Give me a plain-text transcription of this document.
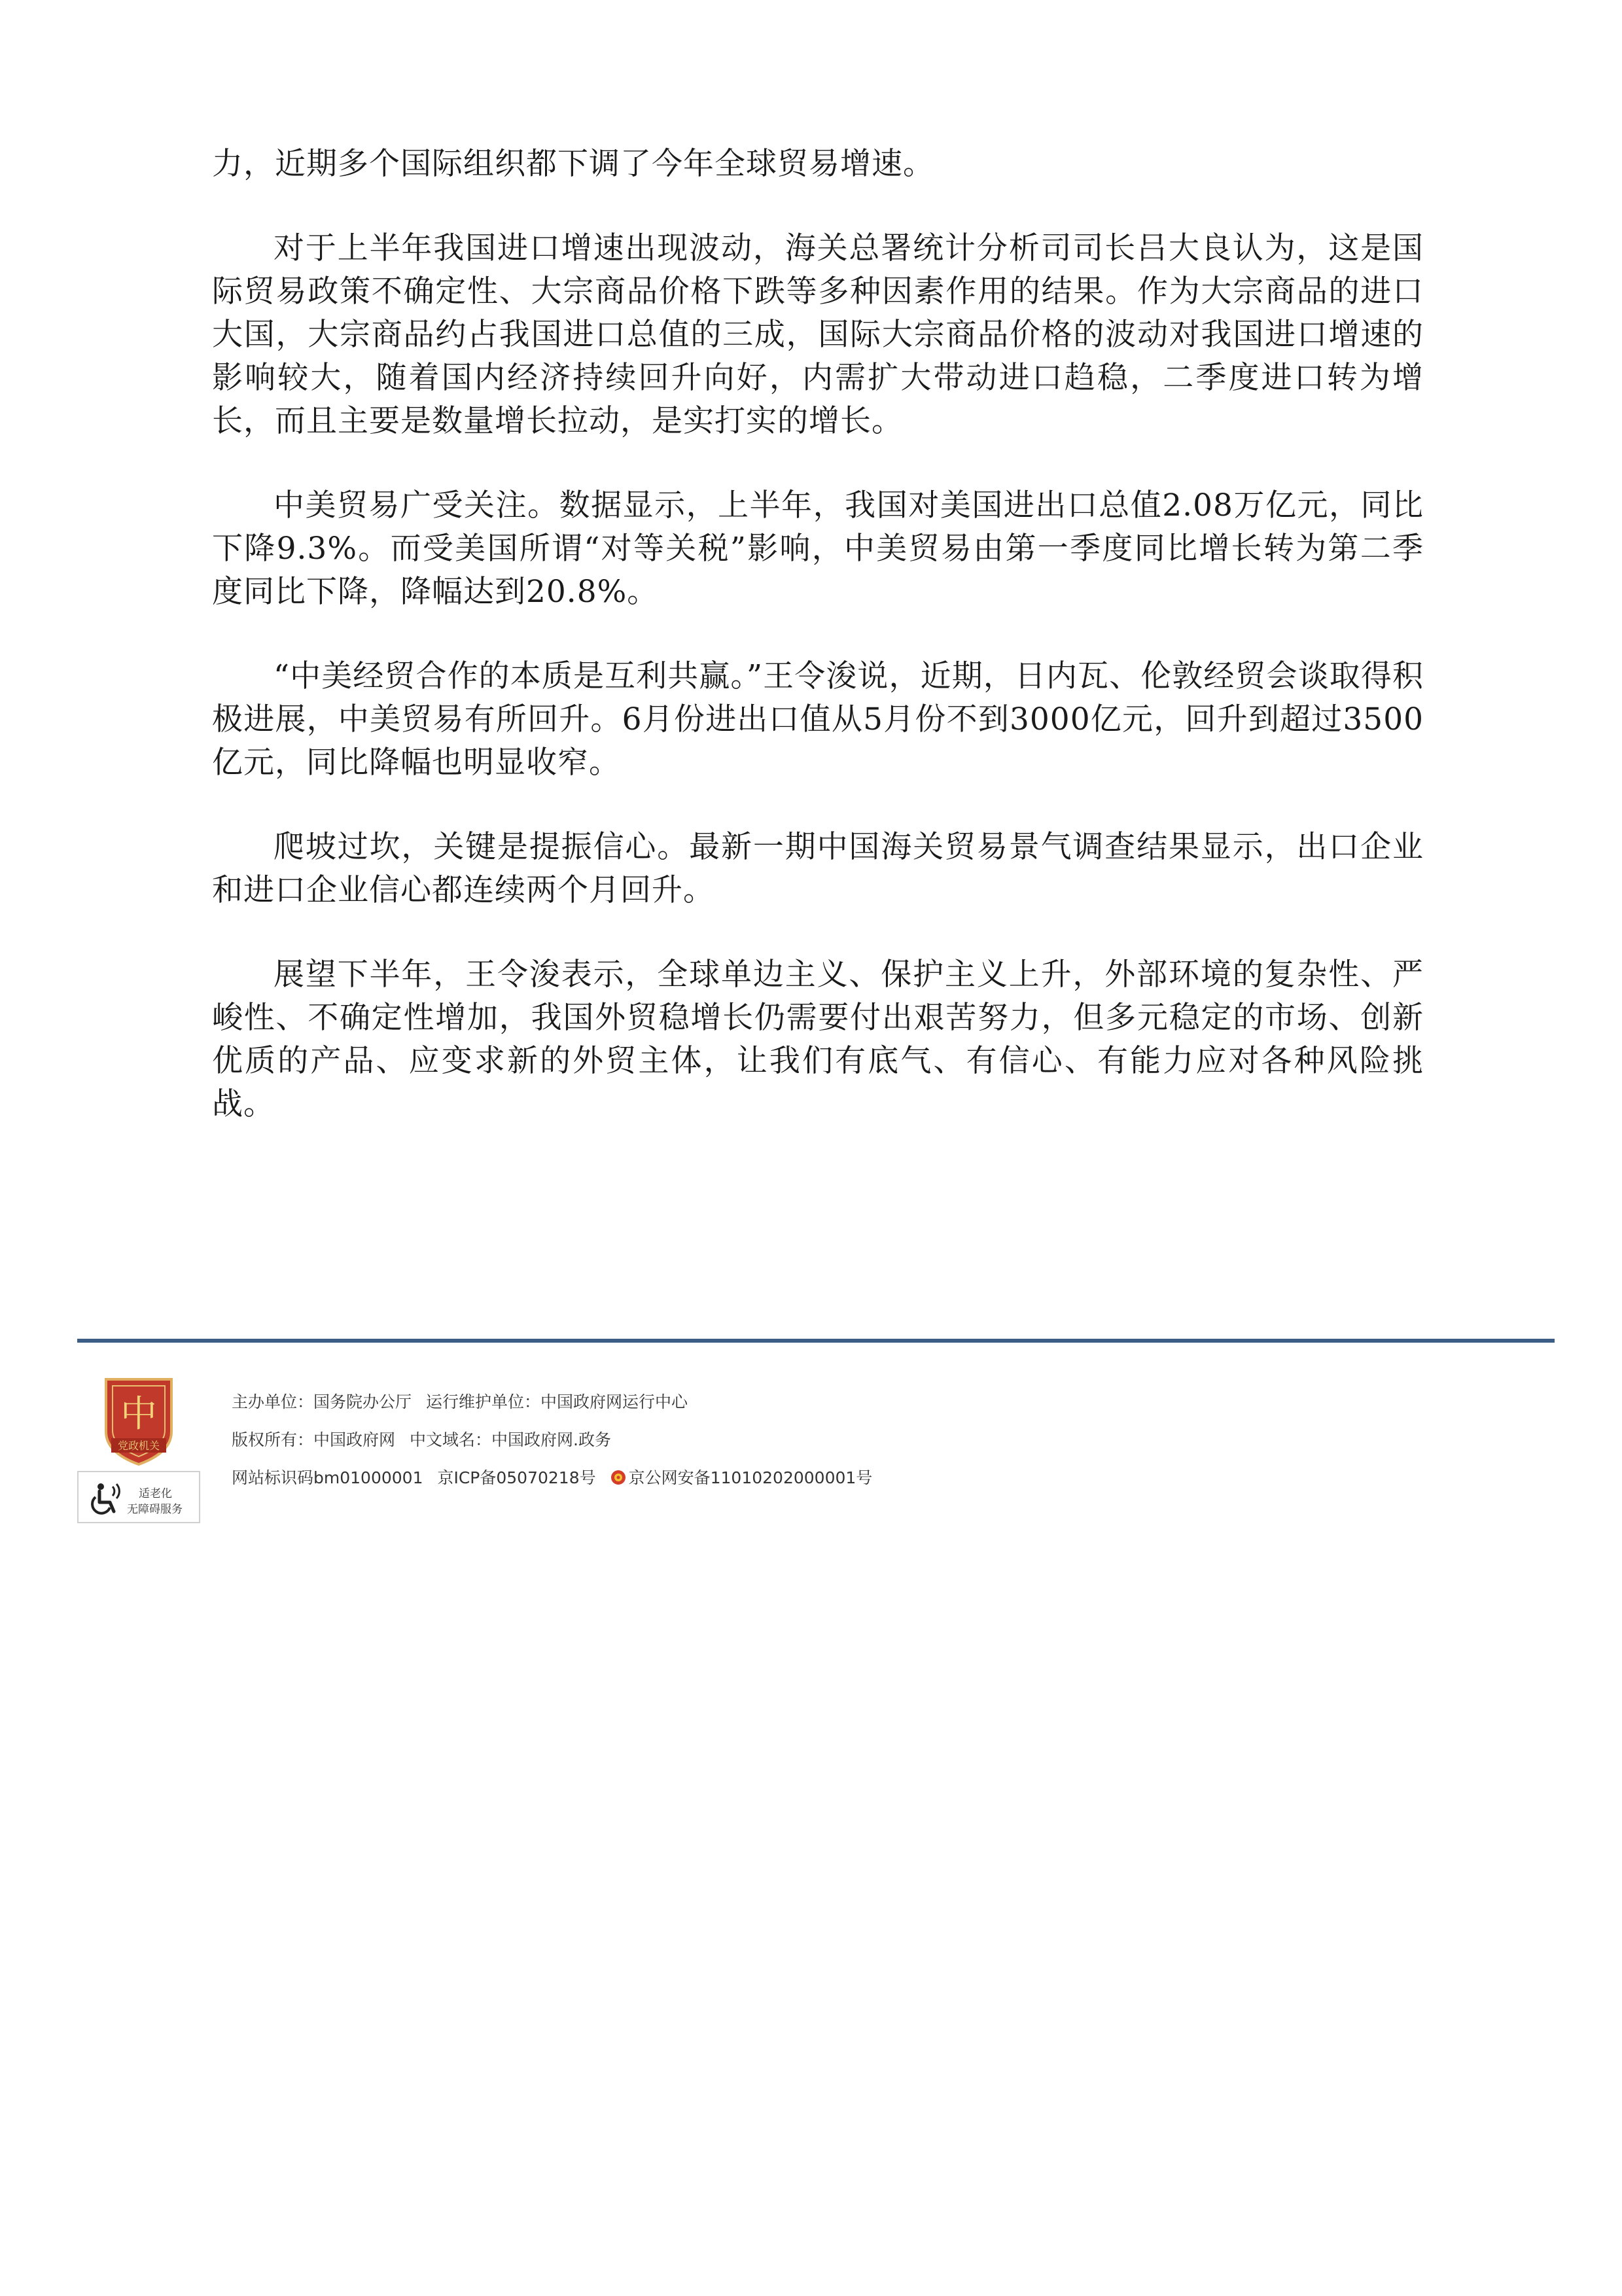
力，近期多个国际组织都下调了今年全球贸易增速。

对于上半年我国进口增速出现波动，海关总署统计分析司司长吕大良认为，这是国际贸易政策不确定性、大宗商品价格下跌等多种因素作用的结果。作为大宗商品的进口大国，大宗商品约占我国进口总值的三成，国际大宗商品价格的波动对我国进口增速的影响较大，随着国内经济持续回升向好，内需扩大带动进口趋稳，二季度进口转为增长，而且主要是数量增长拉动，是实打实的增长。

中美贸易广受关注。数据显示，上半年，我国对美国进出口总值2.08万亿元，同比下降9.3%。而受美国所谓“对等关税”影响，中美贸易由第一季度同比增长转为第二季度同比下降，降幅达到20.8%。

“中美经贸合作的本质是互利共赢。”王令浚说，近期，日内瓦、伦敦经贸会谈取得积极进展，中美贸易有所回升。6月份进出口值从5月份不到3000亿元，回升到超过3500亿元，同比降幅也明显收窄。

爬坡过坎，关键是提振信心。最新一期中国海关贸易景气调查结果显示，出口企业和进口企业信心都连续两个月回升。

展望下半年，王令浚表示，全球单边主义、保护主义上升，外部环境的复杂性、严峻性、不确定性增加，我国外贸稳增长仍需要付出艰苦努力，但多元稳定的市场、创新优质的产品、应变求新的外贸主体，让我们有底气、有信心、有能力应对各种风险挑战。

中
党政机关
适老化
无障碍服务
主办单位：国务院办公厅 运行维护单位：中国政府网运行中心
版权所有：中国政府网 中文域名：中国政府网.政务
网站标识码bm01000001 京ICP备05070218号 京公网安备11010202000001号
